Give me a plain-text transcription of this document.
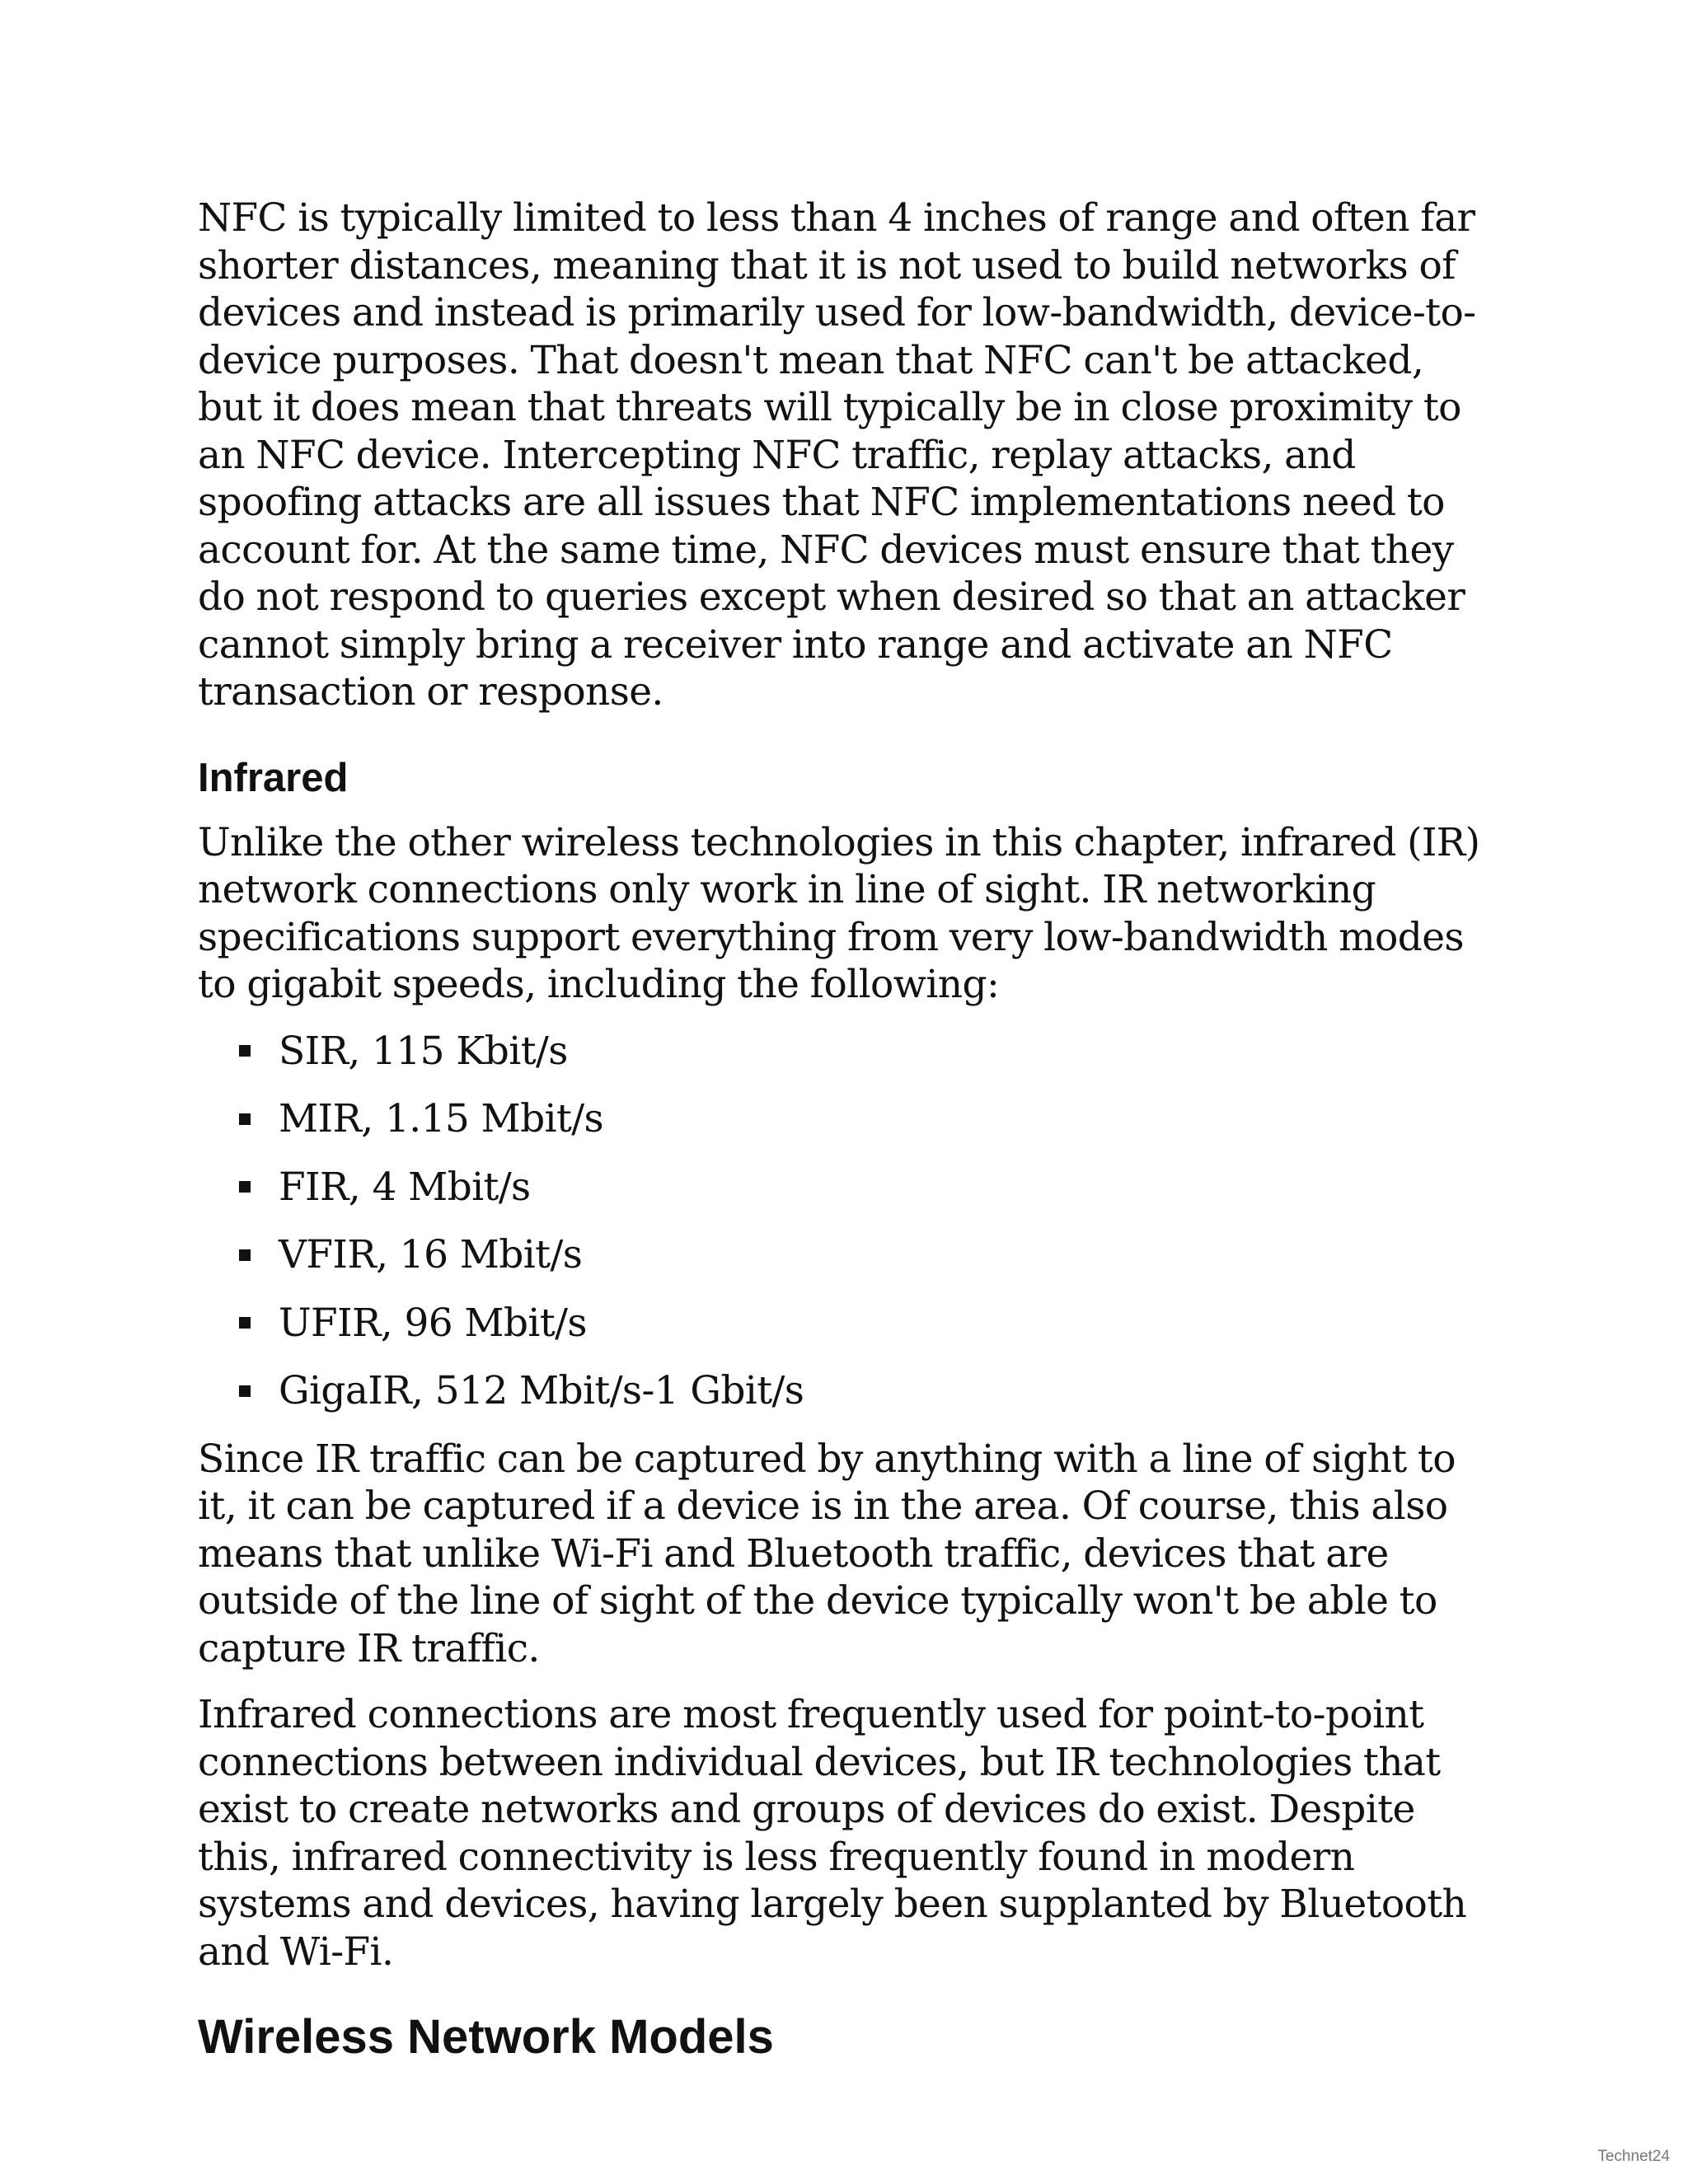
NFC is typically limited to less than 4 inches of range and often far shorter distances, meaning that it is not used to build networks of devices and instead is primarily used for low-bandwidth, device-to-device purposes. That doesn't mean that NFC can't be attacked, but it does mean that threats will typically be in close proximity to an NFC device. Intercepting NFC traffic, replay attacks, and spoofing attacks are all issues that NFC implementations need to account for. At the same time, NFC devices must ensure that they do not respond to queries except when desired so that an attacker cannot simply bring a receiver into range and activate an NFC transaction or response.

Infrared

Unlike the other wireless technologies in this chapter, infrared (IR) network connections only work in line of sight. IR networking specifications support everything from very low-bandwidth modes to gigabit speeds, including the following:

SIR, 115 Kbit/s
MIR, 1.15 Mbit/s
FIR, 4 Mbit/s
VFIR, 16 Mbit/s
UFIR, 96 Mbit/s
GigaIR, 512 Mbit/s-1 Gbit/s

Since IR traffic can be captured by anything with a line of sight to it, it can be captured if a device is in the area. Of course, this also means that unlike Wi-Fi and Bluetooth traffic, devices that are outside of the line of sight of the device typically won't be able to capture IR traffic.

Infrared connections are most frequently used for point-to-point connections between individual devices, but IR technologies that exist to create networks and groups of devices do exist. Despite this, infrared connectivity is less frequently found in modern systems and devices, having largely been supplanted by Bluetooth and Wi-Fi.

Wireless Network Models
Technet24
